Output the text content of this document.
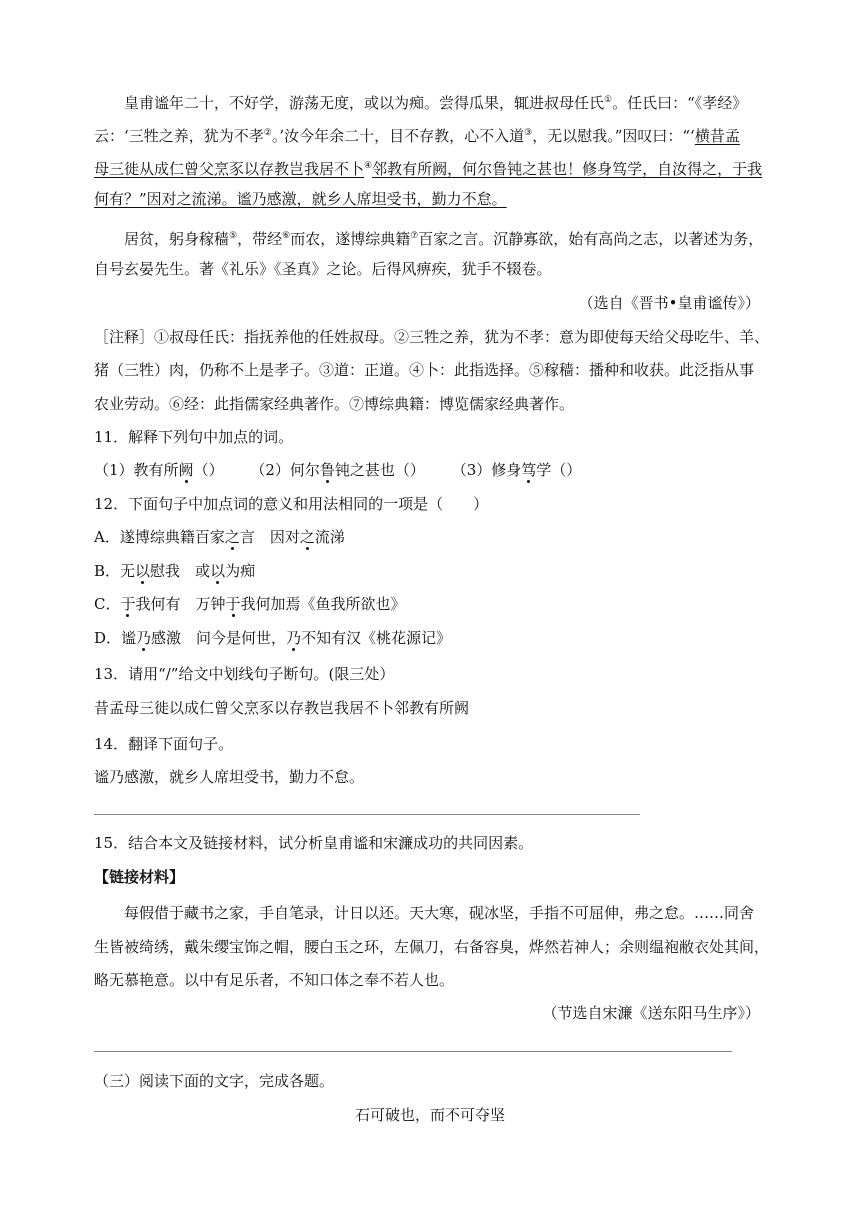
皇甫谧年二十，不好学，游荡无度，或以为痴。尝得瓜果，辄进叔母任氏①。任氏曰：“《孝经》
云：‘三牲之养，犹为不孝②。’汝今年余二十，目不存教，心不入道③，无以慰我。”因叹曰：“‘横昔孟
母三徙从成仁曾父烹豕以存教岂我居不卜④邻教有所阙，何尔鲁钝之甚也！修身笃学，自汝得之，于我
何有？”因对之流涕。谧乃感激，就乡人席坦受书，勤力不怠。
居贫，躬身稼穑⑤，带经⑥而农，遂博综典籍⑦百家之言。沉静寡欲，始有高尚之志，以著述为务，
自号玄晏先生。著《礼乐》《圣真》之论。后得风痹疾，犹手不辍卷。
（选自《晋书•皇甫谧传》）
［注释］①叔母任氏：指抚养他的任姓叔母。②三牲之养，犹为不孝：意为即使每天给父母吃牛、羊、
猪（三牲）肉，仍称不上是孝子。③道：正道。④卜：此指选择。⑤稼穑：播种和收获。此泛指从事
农业劳动。⑥经：此指儒家经典著作。⑦博综典籍：博览儒家经典著作。
11．解释下列句中加点的词。
（1）教有所阙（） （2）何尔鲁钝之甚也（） （3）修身笃学（）
12．下面句子中加点词的意义和用法相同的一项是（　　）
A．遂博综典籍百家之言　因对之流涕
B．无以慰我　或以为痴
C．于我何有　万钟于我何加焉《鱼我所欲也》
D．谧乃感激　问今是何世，乃不知有汉《桃花源记》
13．请用“/”给文中划线句子断句。(限三处）
昔孟母三徙以成仁曾父烹豕以存教岂我居不卜邻教有所阙
14．翻译下面句子。
谧乃感激，就乡人席坦受书，勤力不怠。
15．结合本文及链接材料，试分析皇甫谧和宋濂成功的共同因素。
【链接材料】
每假借于藏书之家，手自笔录，计日以还。天大寒，砚冰坚，手指不可屈伸，弗之怠。……同舍
生皆被绮绣，戴朱缨宝饰之帽，腰白玉之环，左佩刀，右备容臭，烨然若神人；余则缊袍敝衣处其间，
略无慕艳意。以中有足乐者，不知口体之奉不若人也。
（节选自宋濂《送东阳马生序》）
（三）阅读下面的文字，完成各题。
石可破也，而不可夺坚
